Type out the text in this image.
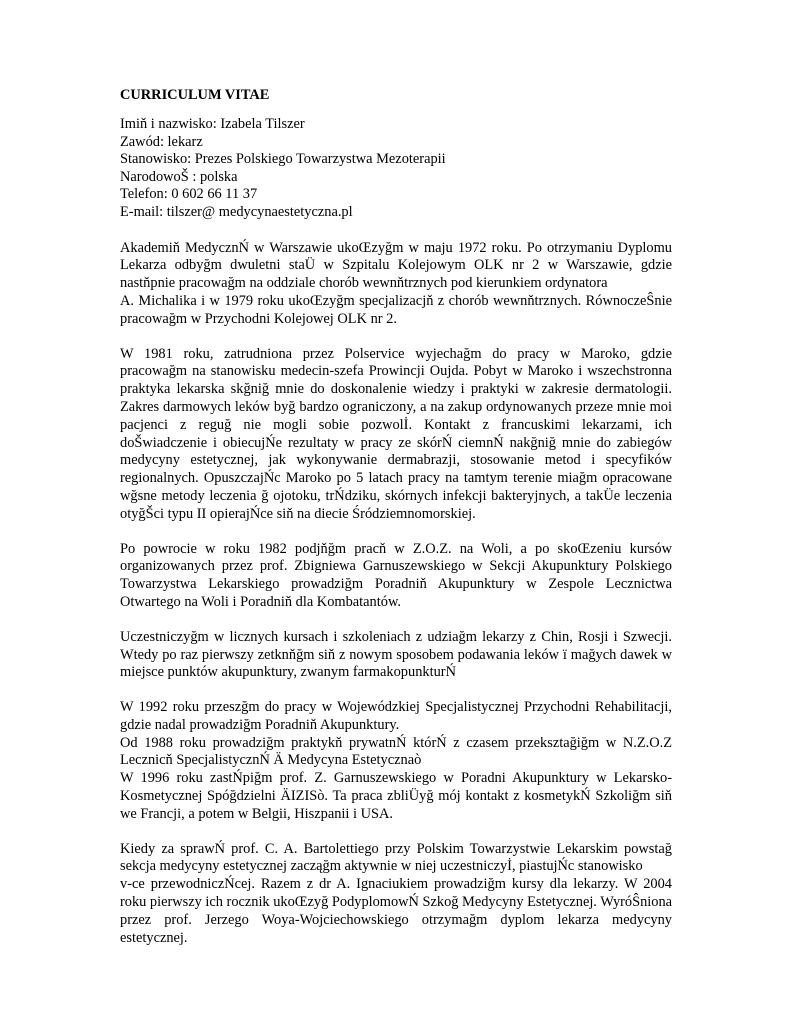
CURRICULUM VITAE
Imiň i nazwisko: Izabela Tilszer
Zawód: lekarz
Stanowisko: Prezes Polskiego Towarzystwa Mezoterapii
NarodowoŠ : polska
Telefon: 0 602 66 11 37
E-mail: tilszer@ medycynaestetyczna.pl
Akademiň MedycznŃ w Warszawie ukoŒzyğm w maju 1972 roku. Po otrzymaniu Dyplomu
Lekarza odbyğm dwuletni staÜ w Szpitalu Kolejowym OLK nr 2 w Warszawie, gdzie
nastňpnie pracowağm na oddziale chorób wewnňtrznych pod kierunkiem ordynatora
A. Michalika i w 1979 roku ukoŒzyğm specjalizacjň z chorób wewnňtrznych. RównoczeŜnie
pracowağm w Przychodni Kolejowej OLK nr 2.
W 1981 roku, zatrudniona przez Polservice wyjechağm do pracy w Maroko, gdzie
pracowağm na stanowisku medecin-szefa Prowincji Oujda. Pobyt w Maroko i wszechstronna
praktyka lekarska skğniğ mnie do doskonalenie wiedzy i praktyki w zakresie dermatologii.
Zakres darmowych leków byğ bardzo ograniczony, a na zakup ordynowanych przeze mnie moi
pacjenci z reguğ nie mogli sobie pozwolİ. Kontakt z francuskimi lekarzami, ich
doŠwiadczenie i obiecujŃe rezultaty w pracy ze skórŃ ciemnŃ nakğniğ mnie do zabiegów
medycyny estetycznej, jak wykonywanie dermabrazji, stosowanie metod i specyfików
regionalnych. OpuszczajŃc Maroko po 5 latach pracy na tamtym terenie miağm opracowane
wğsne metody leczenia ğ ojotoku, trŃdziku, skórnych infekcji bakteryjnych, a takÜe leczenia
otyğŠci typu II opierajŃce siň na diecie Śródziemnomorskiej.
Po powrocie w roku 1982 podjňğm pracň w Z.O.Z. na Woli, a po skoŒzeniu kursów
organizowanych przez prof. Zbigniewa Garnuszewskiego w Sekcji Akupunktury Polskiego
Towarzystwa Lekarskiego prowadziğm Poradniň Akupunktury w Zespole Lecznictwa
Otwartego na Woli i Poradniň dla Kombatantów.
Uczestniczyğm w licznych kursach i szkoleniach z udziağm lekarzy z Chin, Rosji i Szwecji.
Wtedy po raz pierwszy zetknňğm siň z nowym sposobem podawania leków ï mağych dawek w
miejsce punktów akupunktury, zwanym farmakopunkturŃ
W 1992 roku przeszğm do pracy w Wojewódzkiej Specjalistycznej Przychodni Rehabilitacji,
gdzie nadal prowadziğm Poradniň Akupunktury.
Od 1988 roku prowadziğm praktykň prywatnŃ którŃ z czasem przeksztağiğm w N.Z.O.Z
Lecznicň SpecjalistycznŃ Ä Medycyna Estetycznaò
W 1996 roku zastŃpiğm prof. Z. Garnuszewskiego w Poradni Akupunktury w Lekarsko-
Kosmetycznej Spóğdzielni ÄIZISò. Ta praca zbliÜyğ mój kontakt z kosmetykŃ Szkoliğm siň
we Francji, a potem w Belgii, Hiszpanii i USA.
Kiedy za sprawŃ prof. C. A. Bartolettiego przy Polskim Towarzystwie Lekarskim powstağ
sekcja medycyny estetycznej zacząğm aktywnie w niej uczestniczyİ, piastujŃc stanowisko
v-ce przewodniczŃcej. Razem z dr A. Ignaciukiem prowadziğm kursy dla lekarzy. W 2004
roku pierwszy ich rocznik ukoŒzyğ PodyplomowŃ Szkoğ Medycyny Estetycznej. WyróŜniona
przez prof. Jerzego Woya-Wojciechowskiego otrzymağm dyplom lekarza medycyny
estetycznej.
